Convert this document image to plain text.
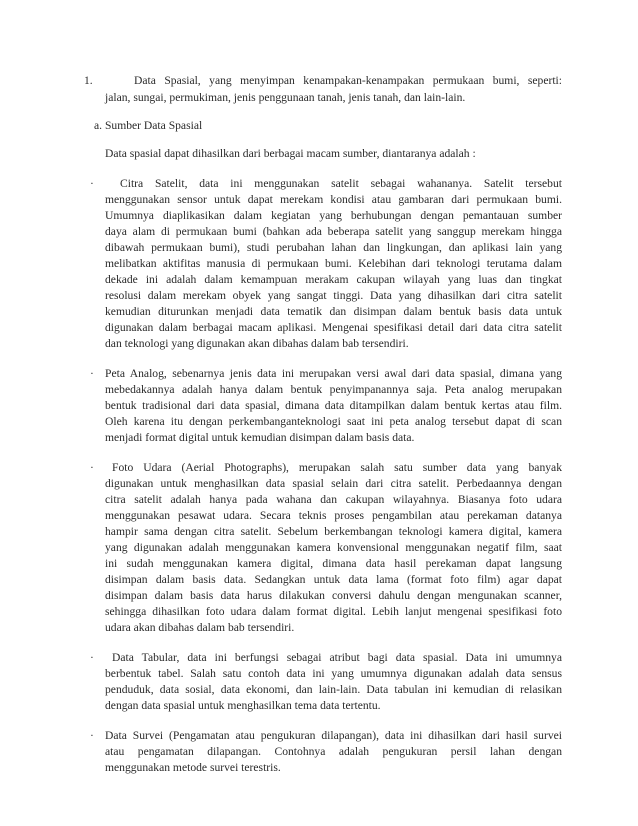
1.	Data Spasial, yang menyimpan kenampakan-kenampakan permukaan bumi, seperti:
jalan, sungai, permukiman, jenis penggunaan tanah, jenis tanah, dan lain-lain.
a. Sumber Data Spasial
Data spasial dapat dihasilkan dari berbagai macam sumber, diantaranya adalah :
· Citra Satelit, data ini menggunakan satelit sebagai wahananya. Satelit tersebut
menggunakan sensor untuk dapat merekam kondisi atau gambaran dari permukaan bumi.
Umumnya diaplikasikan dalam kegiatan yang berhubungan dengan pemantauan sumber
daya alam di permukaan bumi (bahkan ada beberapa satelit yang sanggup merekam hingga
dibawah permukaan bumi), studi perubahan lahan dan lingkungan, dan aplikasi lain yang
melibatkan aktifitas manusia di permukaan bumi. Kelebihan dari teknologi terutama dalam
dekade ini adalah dalam kemampuan merakam cakupan wilayah yang luas dan tingkat
resolusi dalam merekam obyek yang sangat tinggi. Data yang dihasilkan dari citra satelit
kemudian diturunkan menjadi data tematik dan disimpan dalam bentuk basis data untuk
digunakan dalam berbagai macam aplikasi. Mengenai spesifikasi detail dari data citra satelit
dan teknologi yang digunakan akan dibahas dalam bab tersendiri.
· Peta Analog, sebenarnya jenis data ini merupakan versi awal dari data spasial, dimana yang
mebedakannya adalah hanya dalam bentuk penyimpanannya saja. Peta analog merupakan
bentuk tradisional dari data spasial, dimana data ditampilkan dalam bentuk kertas atau film.
Oleh karena itu dengan perkembanganteknologi saat ini peta analog tersebut dapat di scan
menjadi format digital untuk kemudian disimpan dalam basis data.
· Foto Udara (Aerial Photographs), merupakan salah satu sumber data yang banyak
digunakan untuk menghasilkan data spasial selain dari citra satelit. Perbedaannya dengan
citra satelit adalah hanya pada wahana dan cakupan wilayahnya. Biasanya foto udara
menggunakan pesawat udara. Secara teknis proses pengambilan atau perekaman datanya
hampir sama dengan citra satelit. Sebelum berkembangan teknologi kamera digital, kamera
yang digunakan adalah menggunakan kamera konvensional menggunakan negatif film, saat
ini sudah menggunakan kamera digital, dimana data hasil perekaman dapat langsung
disimpan dalam basis data. Sedangkan untuk data lama (format foto film) agar dapat
disimpan dalam basis data harus dilakukan conversi dahulu dengan mengunakan scanner,
sehingga dihasilkan foto udara dalam format digital. Lebih lanjut mengenai spesifikasi foto
udara akan dibahas dalam bab tersendiri.
· Data Tabular, data ini berfungsi sebagai atribut bagi data spasial. Data ini umumnya
berbentuk tabel. Salah satu contoh data ini yang umumnya digunakan adalah data sensus
penduduk, data sosial, data ekonomi, dan lain-lain. Data tabulan ini kemudian di relasikan
dengan data spasial untuk menghasilkan tema data tertentu.
· Data Survei (Pengamatan atau pengukuran dilapangan), data ini dihasilkan dari hasil survei
atau pengamatan dilapangan. Contohnya adalah pengukuran persil lahan dengan
menggunakan metode survei terestris.
